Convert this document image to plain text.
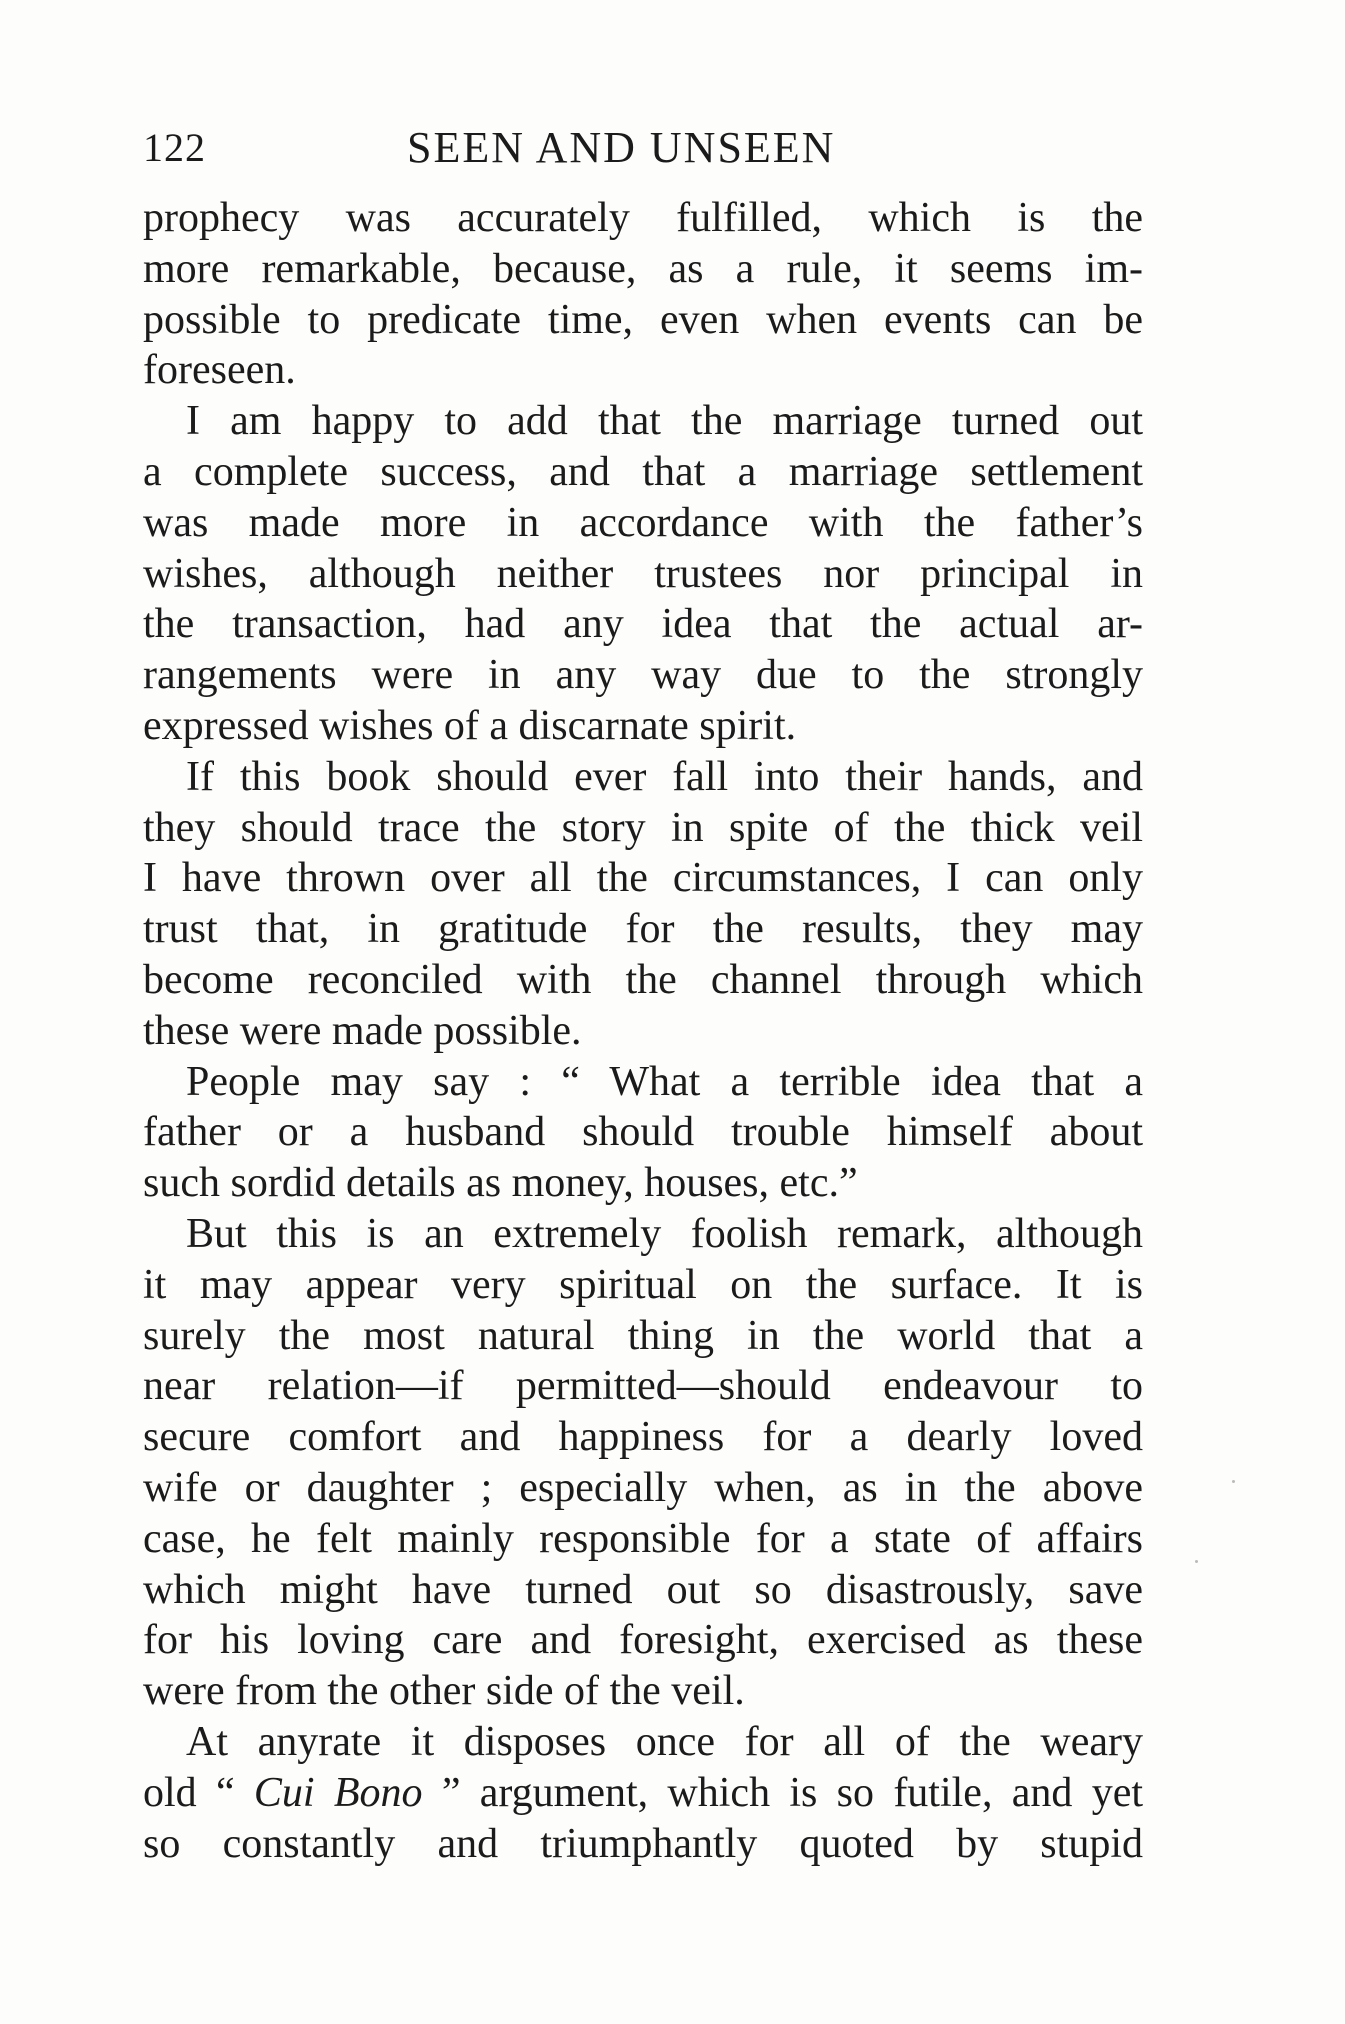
122	SEEN AND UNSEEN
prophecy was accurately fulfilled, which is the
more remarkable, because, as a rule, it seems im-
possible to predicate time, even when events can be
foreseen.
I am happy to add that the marriage turned out
a complete success, and that a marriage settlement
was made more in accordance with the father’s
wishes, although neither trustees nor principal in
the transaction, had any idea that the actual ar-
rangements were in any way due to the strongly
expressed wishes of a discarnate spirit.
If this book should ever fall into their hands, and
they should trace the story in spite of the thick veil
I have thrown over all the circumstances, I can only
trust that, in gratitude for the results, they may
become reconciled with the channel through which
these were made possible.
People may say : “ What a terrible idea that a
father or a husband should trouble himself about
such sordid details as money, houses, etc.”
But this is an extremely foolish remark, although
it may appear very spiritual on the surface. It is
surely the most natural thing in the world that a
near relation—if permitted—should endeavour to
secure comfort and happiness for a dearly loved
wife or daughter ; especially when, as in the above
case, he felt mainly responsible for a state of affairs
which might have turned out so disastrously, save
for his loving care and foresight, exercised as these
were from the other side of the veil.
At anyrate it disposes once for all of the weary
old “ Cui Bono ” argument, which is so futile, and yet
so constantly and triumphantly quoted by stupid
